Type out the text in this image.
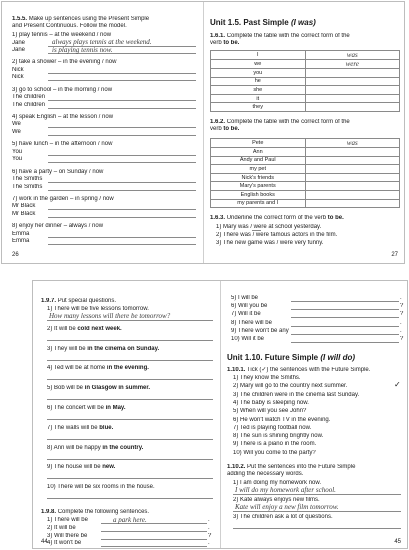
1.5.5. Make up sentences using the Present Simple
and Present Continuous. Follow the model.
1) play tennis – at the weekend / now
Jane	always plays tennis at the weekend.
Jane	is playing tennis now.
2) take a shower – in the evening / now
Nick
Nick
3) go to school – in the morning / now
The children
The children
4) speak English – at the lesson / now
We
We
5) have lunch – in the afternoon / now
You
You
6) have a party – on Sunday / now
The Smiths
The Smiths
7) work in the garden – in spring / now
Mr Black
Mr Black
8) enjoy her dinner – always / now
Emma
Emma
26
Unit 1.5. Past Simple (I was)
1.6.1. Complete the table with the correct form of the
verb to be.
I	was
we	were
you	
he	
she	
it	
they	
1.6.2. Complete the table with the correct form of the
verb to be.
Pete	was
Ann	
Andy and Paul	
my pet	
Nick's friends	
Mary's parents	
English books	
my parents and I	
1.6.3. Underline the correct form of the verb to be.
1) Mary was / were at school yesterday.
2) There was / were famous actors in the film.
3) The new game was / were very funny.
27
1.9.7. Put special questions.
1) There will be five lessons tomorrow.
How many lessons will there be tomorrow?
2) It will be cold next week.
3) They will be in the cinema on Sunday.
4) Ted will be at home in the evening.
5) Bob will be in Glasgow in summer.
6) The concert will be in May.
7) The walls will be blue.
8) Ann will be happy in the country.
9) The house will be new.
10) There will be six rooms in the house.
1.9.8. Complete the following sentences.
1) There will be	.
a park here.
2) It will be	.
3) Will there be	?
4) It won't be	.
44
5) I will be	.
6) Will you be	?
7) Will it be	?
8) There will be	.
9) There won't be any	.
10) Will it be	?
Unit 1.10. Future Simple (I will do)
1.10.1. Tick (✓) the sentences with the Future Simple.
1) They know the Smiths.
2) Mary will go to the country next summer.
3) The children were in the cinema last Sunday.
4) The baby is sleeping now.
5) When will you see John?
6) He won't watch TV in the evening.
7) Ted is playing football now.
8) The sun is shining brightly now.
9) There is a piano in the room.
10) Will you come to the party?
✓
1.10.2. Put the sentences into the Future Simple
adding the necessary words.
1) I am doing my homework now.
I will do my homework after school.
2) Kate always enjoys new films.
Kate will enjoy a new film tomorrow.
3) The children ask a lot of questions.
45
